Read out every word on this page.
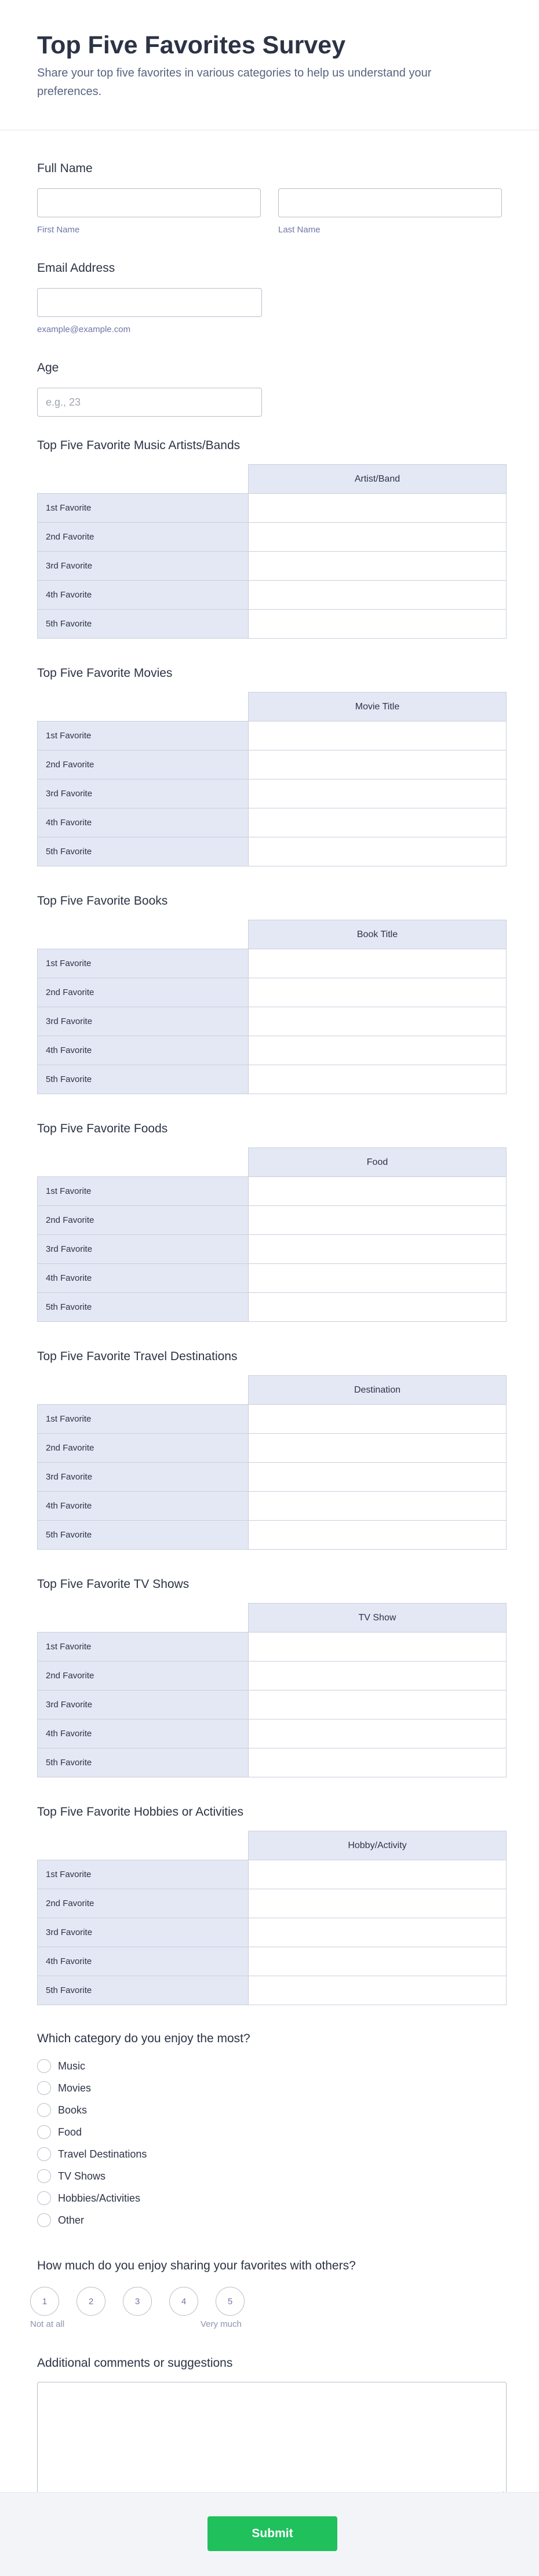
Top Five Favorites Survey

Share your top five favorites in various categories to help us understand your preferences.

Full Name
First Name	Last Name
Email Address
example@example.com
Age
e.g., 23
Top Five Favorite Music Artists/Bands
	Artist/Band
1st Favorite	
2nd Favorite	
3rd Favorite	
4th Favorite	
5th Favorite	
Top Five Favorite Movies
	Movie Title
1st Favorite	
2nd Favorite	
3rd Favorite	
4th Favorite	
5th Favorite	
Top Five Favorite Books
	Book Title
1st Favorite	
2nd Favorite	
3rd Favorite	
4th Favorite	
5th Favorite	
Top Five Favorite Foods
	Food
1st Favorite	
2nd Favorite	
3rd Favorite	
4th Favorite	
5th Favorite	
Top Five Favorite Travel Destinations
	Destination
1st Favorite	
2nd Favorite	
3rd Favorite	
4th Favorite	
5th Favorite	
Top Five Favorite TV Shows
	TV Show
1st Favorite	
2nd Favorite	
3rd Favorite	
4th Favorite	
5th Favorite	
Top Five Favorite Hobbies or Activities
	Hobby/Activity
1st Favorite	
2nd Favorite	
3rd Favorite	
4th Favorite	
5th Favorite	
Which category do you enjoy the most?
Music
Movies
Books
Food
Travel Destinations
TV Shows
Hobbies/Activities
Other
How much do you enjoy sharing your favorites with others?
1	2	3	4	5
Not at all	Very much
Additional comments or suggestions
Submit
